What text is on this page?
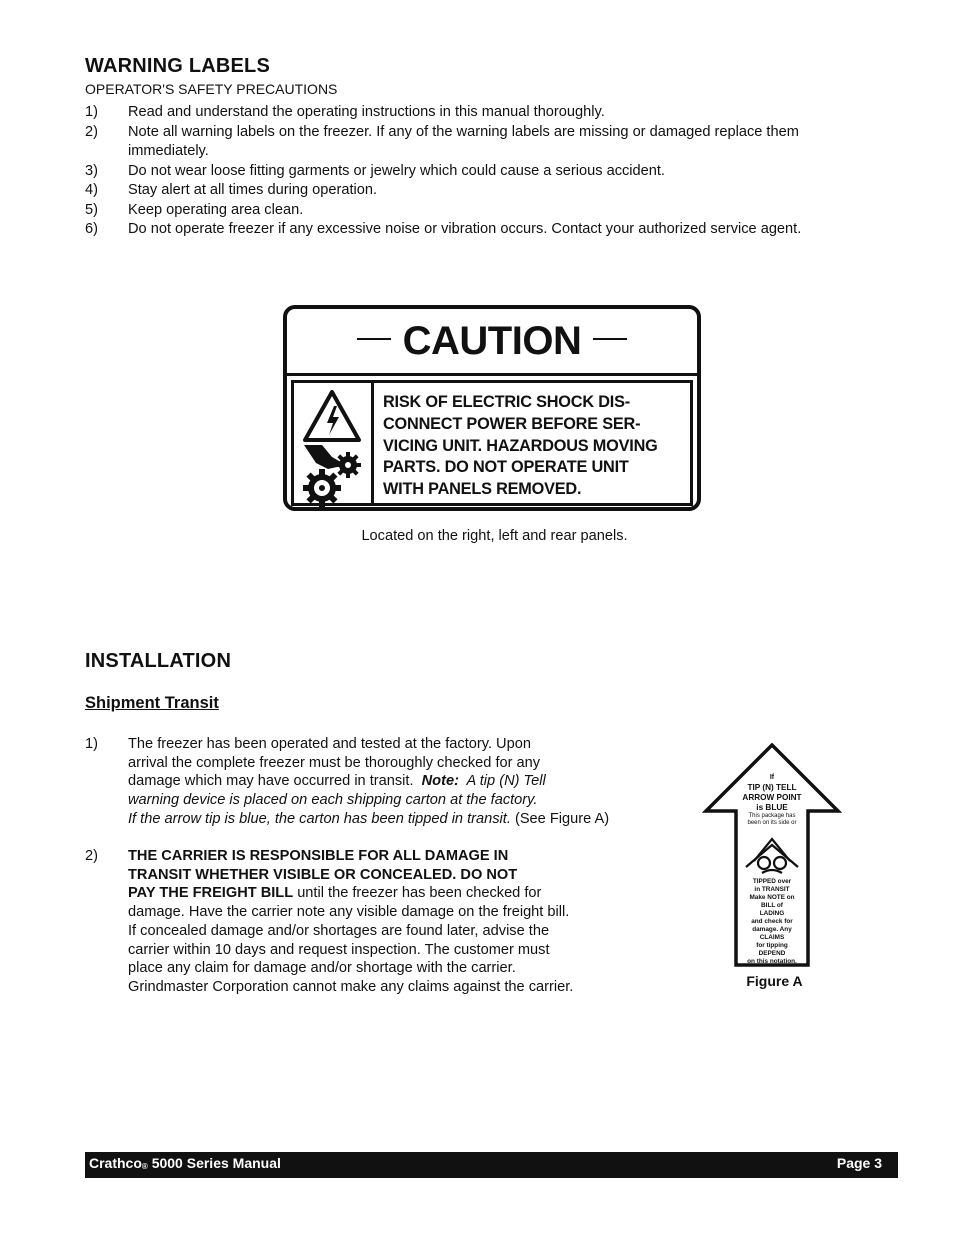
WARNING LABELS
OPERATOR'S SAFETY PRECAUTIONS
1)	Read and understand the operating instructions in this manual thoroughly.
2)	Note all warning labels on the freezer. If any of the warning labels are missing or damaged replace them immediately.
3)	Do not wear loose fitting garments or jewelry which could cause a serious accident.
4)	Stay alert at all times during operation.
5)	Keep operating area clean.
6)	Do not operate freezer if any excessive noise or vibration occurs. Contact your authorized service agent.
CAUTION
RISK OF ELECTRIC SHOCK DIS-
CONNECT POWER BEFORE SER-
VICING UNIT. HAZARDOUS MOVING
PARTS. DO NOT OPERATE UNIT
WITH PANELS REMOVED.
Located on the right, left and rear panels.
INSTALLATION
Shipment Transit
1)	The freezer has been operated and tested at the factory. Upon
arrival the complete freezer must be thoroughly checked for any
damage which may have occurred in transit.  Note:  A tip (N) Tell
warning device is placed on each shipping carton at the factory.
If the arrow tip is blue, the carton has been tipped in transit. (See Figure A)
2)	THE CARRIER IS RESPONSIBLE FOR ALL DAMAGE IN
TRANSIT WHETHER VISIBLE OR CONCEALED. DO NOT
PAY THE FREIGHT BILL until the freezer has been checked for
damage. Have the carrier note any visible damage on the freight bill.
If concealed damage and/or shortages are found later, advise the
carrier within 10 days and request inspection. The customer must
place any claim for damage and/or shortage with the carrier.
Grindmaster Corporation cannot make any claims against the carrier.
If
TIP (N) TELL
ARROW POINT
is BLUE
This package has
been on its side or
TIPPED over
in TRANSIT
Make NOTE on
BILL of
LADING
and check for
damage. Any
CLAIMS
for tipping
DEPEND
on this notation.
Figure A
Crathco® 5000 Series Manual	Page 3
